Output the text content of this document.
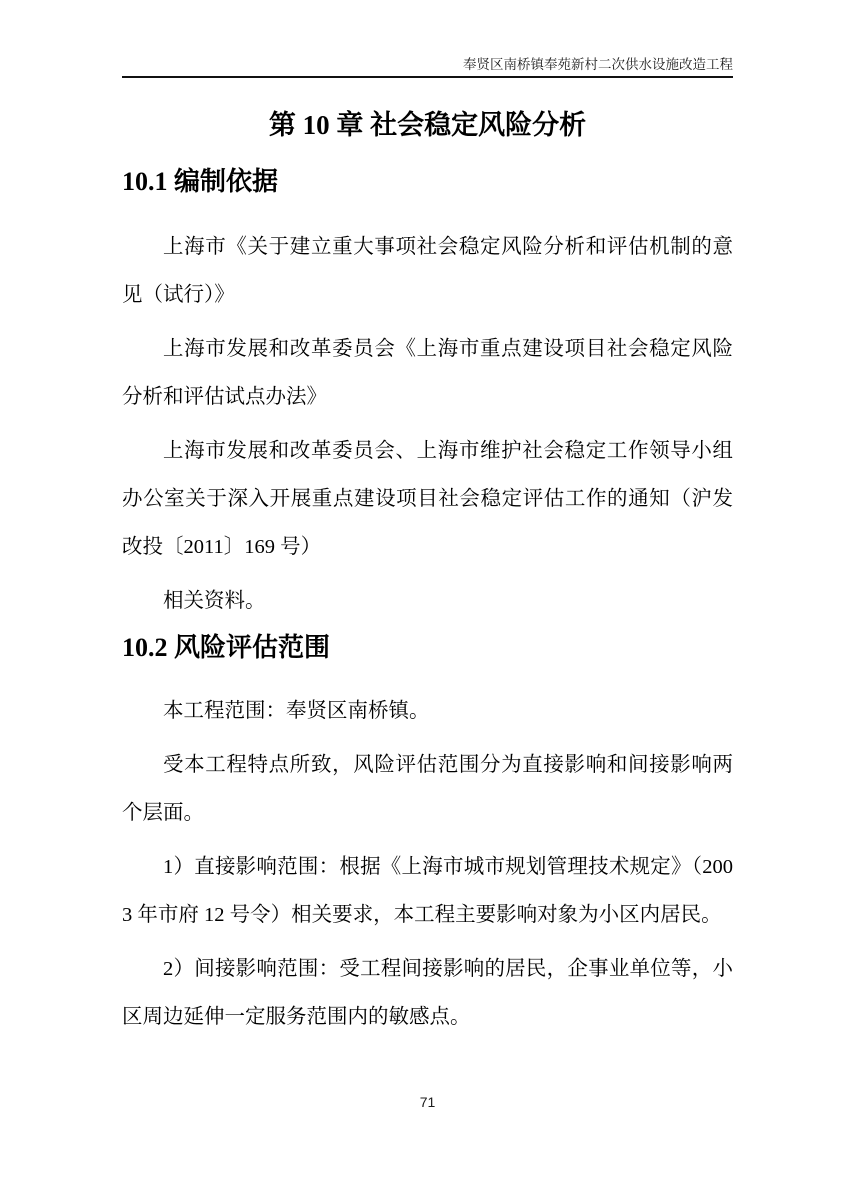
奉贤区南桥镇奉苑新村二次供水设施改造工程
第 10 章 社会稳定风险分析
10.1 编制依据

上海市《关于建立重大事项社会稳定风险分析和评估机制的意见（试行）》

上海市发展和改革委员会《上海市重点建设项目社会稳定风险分析和评估试点办法》

上海市发展和改革委员会、上海市维护社会稳定工作领导小组办公室关于深入开展重点建设项目社会稳定评估工作的通知（沪发改投〔2011〕169 号）

相关资料。

10.2 风险评估范围

本工程范围：奉贤区南桥镇。

受本工程特点所致，风险评估范围分为直接影响和间接影响两个层面。

1）直接影响范围：根据《上海市城市规划管理技术规定》（2003 年市府 12 号令）相关要求，本工程主要影响对象为小区内居民。

2）间接影响范围：受工程间接影响的居民，企事业单位等，小区周边延伸一定服务范围内的敏感点。

71
